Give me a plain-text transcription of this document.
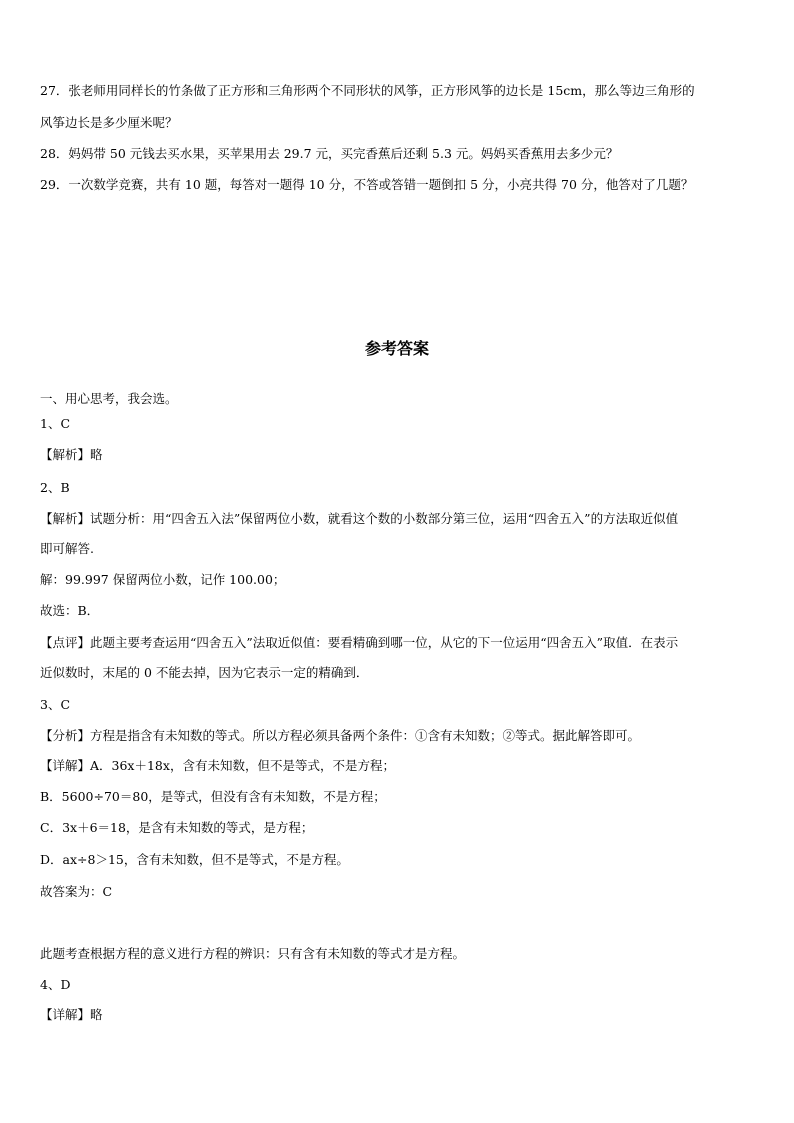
27．张老师用同样长的竹条做了正方形和三角形两个不同形状的风筝，正方形风筝的边长是 15cm，那么等边三角形的
风筝边长是多少厘米呢？
28．妈妈带 50 元钱去买水果，买苹果用去 29.7 元，买完香蕉后还剩 5.3 元。妈妈买香蕉用去多少元？
29．一次数学竞赛，共有 10 题，每答对一题得 10 分，不答或答错一题倒扣 5 分，小亮共得 70 分，他答对了几题？
参考答案
一、用心思考，我会选。
1、C
【解析】略
2、B
【解析】试题分析：用“四舍五入法”保留两位小数，就看这个数的小数部分第三位，运用“四舍五入”的方法取近似值
即可解答.
解：99.997 保留两位小数，记作 100.00；
故选：B．
【点评】此题主要考查运用“四舍五入”法取近似值：要看精确到哪一位，从它的下一位运用“四舍五入”取值．在表示
近似数时，末尾的 0 不能去掉，因为它表示一定的精确到．
3、C
【分析】方程是指含有未知数的等式。所以方程必须具备两个条件：①含有未知数；②等式。据此解答即可。
【详解】A．36x＋18x，含有未知数，但不是等式，不是方程；
B．5600÷70＝80，是等式，但没有含有未知数，不是方程；
C．3x＋6＝18，是含有未知数的等式，是方程；
D．ax÷8＞15，含有未知数，但不是等式，不是方程。
故答案为：C
此题考查根据方程的意义进行方程的辨识：只有含有未知数的等式才是方程。
4、D
【详解】略
